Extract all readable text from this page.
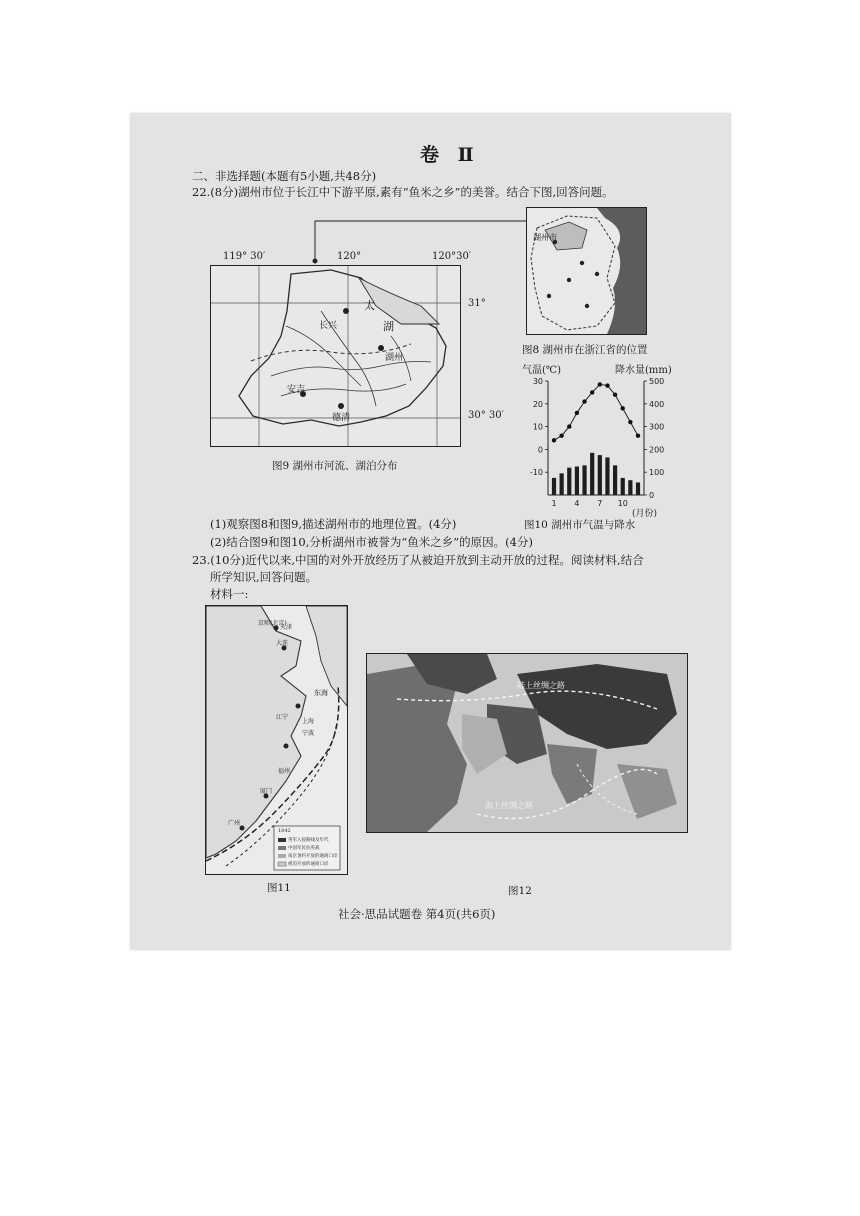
卷 Ⅱ
二、非选择题(本题有5小题,共48分)
22.(8分)湖州市位于长江中下游平原,素有“鱼米之乡”的美誉。结合下图,回答问题。
119° 30′	120°	120°30′
太
湖
长兴
湖州
安吉
德清
31°
30° 30′
图9 湖州市河流、湖泊分布
湖州市
图8 湖州市在浙江省的位置
气温(℃)	降水量(mm)
30
20
10
0
-10
500
400
300
200
100
0
1 4 7 10
(月份)
图10 湖州市气温与降水
(1)观察图8和图9,描述湖州市的地理位置。(4分)
(2)结合图9和图10,分析湖州市被誉为“鱼米之乡”的原因。(4分)
23.(10分)近代以来,中国的对外开放经历了从被迫开放到主动开放的过程。阅读材料,结合
所学知识,回答问题。
材料一:
京师(北京)
天津
大连
东海
宁波
上海
江宁
厦门
福州
广州
1842
英军入侵路线及年代
中国军民抗英战
南京条约开放的通商口岸
被迫开放的通商口岸
图11
陆上丝绸之路
海上丝绸之路
图12
社会·思品试题卷 第4页(共6页)
